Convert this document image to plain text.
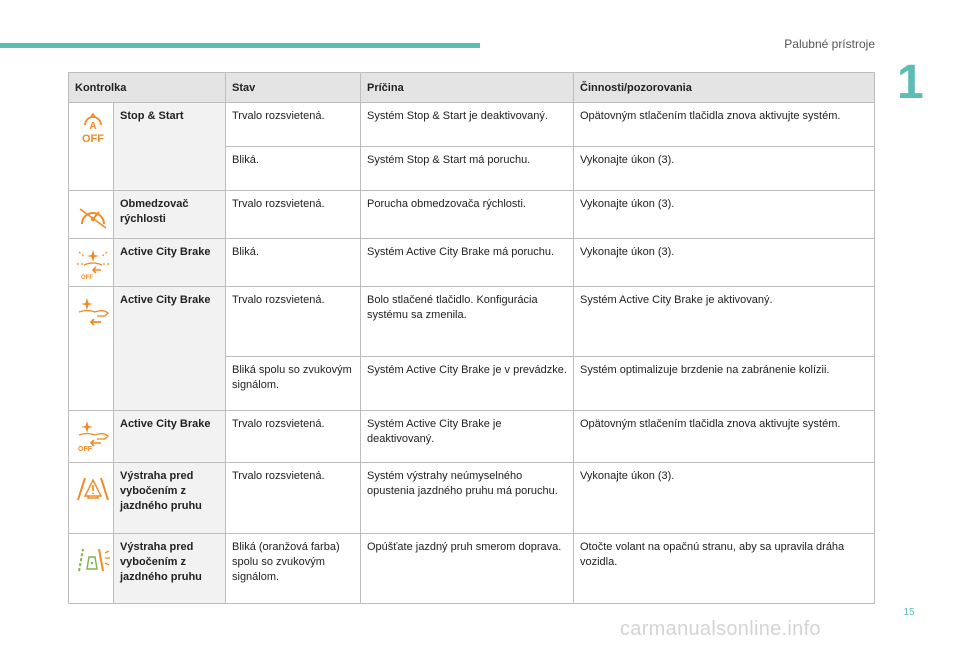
Palubné prístroje
1
Kontrolka		Stav	Príčina	Činnosti/pozorovania

A
OFF	Stop & Start	Trvalo rozsvietená.	Systém Stop & Start je deaktivovaný.	Opätovným stlačením tlačidla znova aktivujte systém.
		Bliká.	Systém Stop & Start má poruchu.	Vykonajte úkon (3).

	Obmedzovač rýchlosti	Trvalo rozsvietená.	Porucha obmedzovača rýchlosti.	Vykonajte úkon (3).

OFF	Active City Brake	Bliká.	Systém Active City Brake má poruchu.	Vykonajte úkon (3).

	Active City Brake	Trvalo rozsvietená.	Bolo stlačené tlačidlo. Konfigurácia systému sa zmenila.	Systém Active City Brake je aktivovaný.
		Bliká spolu so zvukovým signálom.	Systém Active City Brake je v prevádzke.	Systém optimalizuje brzdenie na zabránenie kolízii.

OFF	Active City Brake	Trvalo rozsvietená.	Systém Active City Brake je deaktivovaný.	Opätovným stlačením tlačidla znova aktivujte systém.

	Výstraha pred vybočením z jazdného pruhu	Trvalo rozsvietená.	Systém výstrahy neúmyselného opustenia jazdného pruhu má poruchu.	Vykonajte úkon (3).

	Výstraha pred vybočením z jazdného pruhu	Bliká (oranžová farba) spolu so zvukovým signálom.	Opúšťate jazdný pruh smerom doprava.	Otočte volant na opačnú stranu, aby sa upravila dráha vozidla.
15
carmanualsonline.info
